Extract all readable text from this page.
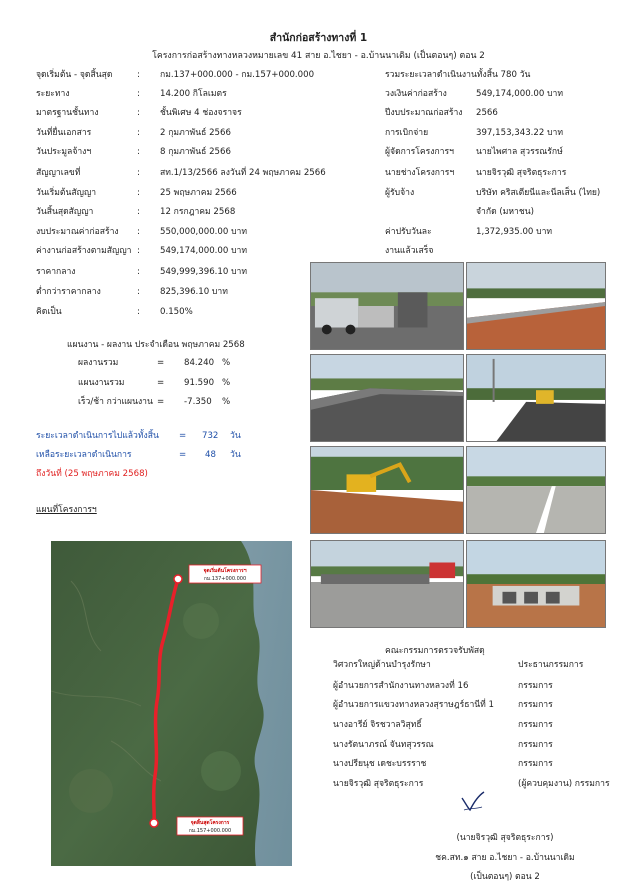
สำนักก่อสร้างทางที่ 1
โครงการก่อสร้างทางหลวงหมายเลข 41 สาย อ.ไชยา - อ.บ้านนาเดิม (เป็นตอนๆ) ตอน 2
จุดเริ่มต้น - จุดสิ้นสุด	: กม.137+000.000 - กม.157+000.000
ระยะทาง	: 14.200 กิโลเมตร
มาตรฐานชั้นทาง	: ชั้นพิเศษ 4 ช่องจราจร
วันที่ยื่นเอกสาร	: 2 กุมภาพันธ์ 2566
วันประมูลจ้างฯ	: 8 กุมภาพันธ์ 2566
สัญญาเลขที่	: สท.1/13/2566 ลงวันที่ 24 พฤษภาคม 2566
วันเริ่มต้นสัญญา	: 25 พฤษภาคม 2566
วันสิ้นสุดสัญญา	: 12 กรกฎาคม 2568
งบประมาณค่าก่อสร้าง : 550,000,000.00 บาท
ค่างานก่อสร้างตามสัญญา : 549,174,000.00 บาท
ราคากลาง	: 549,999,396.10 บาท
ต่ำกว่าราคากลาง	: 825,396.10 บาท
คิดเป็น	: 0.150%
รวมระยะเวลาดำเนินงานทั้งสิ้น 780 วัน
วงเงินค่าก่อสร้าง	549,174,000.00 บาท
ปีงบประมาณก่อสร้าง 2566
การเบิกจ่าย	397,153,343.22 บาท
ผู้จัดการโครงการฯ	นายไพศาล สุวรรณรักษ์
นายช่างโครงการฯ	นายจิรวุฒิ สุจริตธุระการ
ผู้รับจ้าง	บริษัท คริสเตียนีและนีลเส็น (ไทย)
จำกัด (มหาชน)
ค่าปรับวันละ	1,372,935.00 บาท
งานแล้วเสร็จ
แผนงาน - ผลงาน ประจำเดือน พฤษภาคม 2568
ผลงานรวม	= 84.240 %
แผนงานรวม	= 91.590 %
เร็ว/ช้า กว่าแผนงาน = -7.350 %
ระยะเวลาดำเนินการไปแล้วทั้งสิ้น = 732 วัน
เหลือระยะเวลาดำเนินการ	= 48 วัน
ถึงวันที่ (25 พฤษภาคม 2568)
แผนที่โครงการฯ
จุดเริ่มต้นโครงการฯ
กม.137+000.000
จุดสิ้นสุดโครงการ
กม.157+000.000
คณะกรรมการตรวจรับพัสดุ
วิศวกรใหญ่ด้านบำรุงรักษา	ประธานกรรมการ
ผู้อำนวยการสำนักงานทางหลวงที่ 16	กรรมการ
ผู้อำนวยการแขวงทางหลวงสุราษฎร์ธานีที่ 1	กรรมการ
นางอารีย์ จิรชวาลวิสุทธิ์	กรรมการ
นางรัตนาภรณ์ จันทสุวรรณ	กรรมการ
นางปรียนุช เดชะบรรราช	กรรมการ
นายจิรวุฒิ สุจริตธุระการ	(ผู้ควบคุมงาน) กรรมการ
(นายจิรวุฒิ สุจริตธุระการ)
ชค.สท.๑ สาย อ.ไชยา - อ.บ้านนาเดิม
(เป็นตอนๆ) ตอน 2
